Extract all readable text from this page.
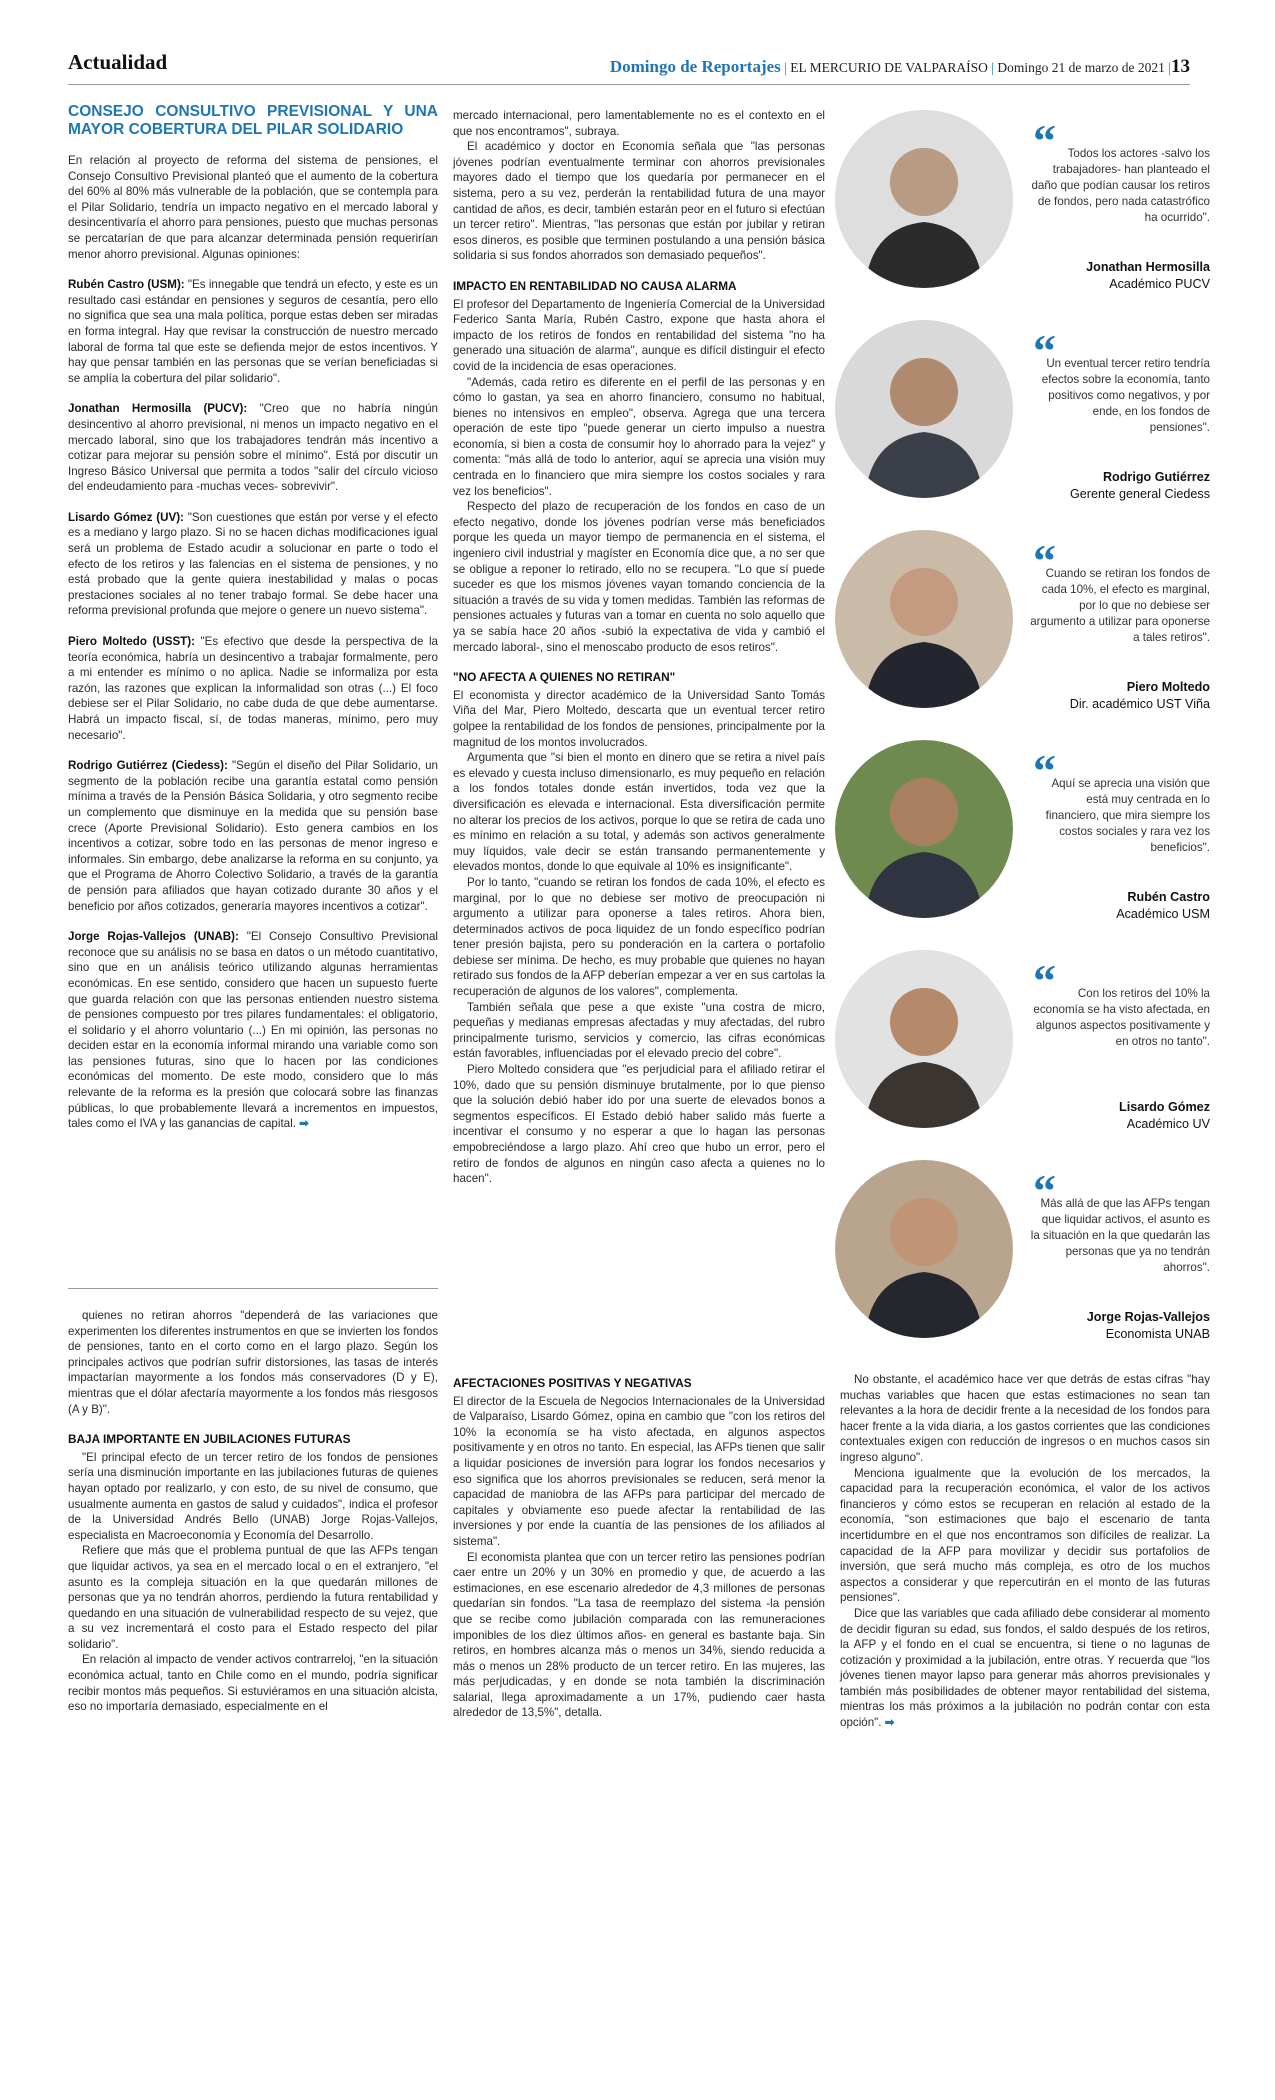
Actualidad	Domingo de Reportajes | EL MERCURIO DE VALPARAÍSO | Domingo 21 de marzo de 2021 |13
CONSEJO CONSULTIVO PREVISIONAL Y UNA MAYOR COBERTURA DEL PILAR SOLIDARIO

En relación al proyecto de reforma del sistema de pensiones, el Consejo Consultivo Previsional planteó que el aumento de la cobertura del 60% al 80% más vulnerable de la población, que se contempla para el Pilar Solidario, tendría un impacto negativo en el mercado laboral y desincentivaría el ahorro para pensiones, puesto que muchas personas se percatarían de que para alcanzar determinada pensión requerirían menor ahorro previsional. Algunas opiniones:

Rubén Castro (USM): "Es innegable que tendrá un efecto, y este es un resultado casi estándar en pensiones y seguros de cesantía, pero ello no significa que sea una mala política, porque estas deben ser miradas en forma integral. Hay que revisar la construcción de nuestro mercado laboral de forma tal que este se defienda mejor de estos incentivos. Y hay que pensar también en las personas que se verían beneficiadas si se amplía la cobertura del pilar solidario".

Jonathan Hermosilla (PUCV): "Creo que no habría ningún desincentivo al ahorro previsional, ni menos un impacto negativo en el mercado laboral, sino que los trabajadores tendrán más incentivo a cotizar para mejorar su pensión sobre el mínimo". Está por discutir un Ingreso Básico Universal que permita a todos "salir del círculo vicioso del endeudamiento para -muchas veces- sobrevivir".

Lisardo Gómez (UV): "Son cuestiones que están por verse y el efecto es a mediano y largo plazo. Si no se hacen dichas modificaciones igual será un problema de Estado acudir a solucionar en parte o todo el efecto de los retiros y las falencias en el sistema de pensiones, y no está probado que la gente quiera inestabilidad y malas o pocas prestaciones sociales al no tener trabajo formal. Se debe hacer una reforma previsional profunda que mejore o genere un nuevo sistema".

Piero Moltedo (USST): "Es efectivo que desde la perspectiva de la teoría económica, habría un desincentivo a trabajar formalmente, pero a mi entender es mínimo o no aplica. Nadie se informaliza por esta razón, las razones que explican la informalidad son otras (...) El foco debiese ser el Pilar Solidario, no cabe duda de que debe aumentarse. Habrá un impacto fiscal, sí, de todas maneras, mínimo, pero muy necesario".

Rodrigo Gutiérrez (Ciedess): "Según el diseño del Pilar Solidario, un segmento de la población recibe una garantía estatal como pensión mínima a través de la Pensión Básica Solidaria, y otro segmento recibe un complemento que disminuye en la medida que su pensión base crece (Aporte Previsional Solidario). Esto genera cambios en los incentivos a cotizar, sobre todo en las personas de menor ingreso e informales. Sin embargo, debe analizarse la reforma en su conjunto, ya que el Programa de Ahorro Colectivo Solidario, a través de la garantía de pensión para afiliados que hayan cotizado durante 30 años y el beneficio por años cotizados, generaría mayores incentivos a cotizar".

Jorge Rojas-Vallejos (UNAB): "El Consejo Consultivo Previsional reconoce que su análisis no se basa en datos o un método cuantitativo, sino que en un análisis teórico utilizando algunas herramientas económicas. En ese sentido, considero que hacen un supuesto fuerte que guarda relación con que las personas entienden nuestro sistema de pensiones compuesto por tres pilares fundamentales: el obligatorio, el solidario y el ahorro voluntario (...) En mi opinión, las personas no deciden estar en la economía informal mirando una variable como son las pensiones futuras, sino que lo hacen por las condiciones económicas del momento. De este modo, considero que lo más relevante de la reforma es la presión que colocará sobre las finanzas públicas, lo que probablemente llevará a incrementos en impuestos, tales como el IVA y las ganancias de capital. ➡

quienes no retiran ahorros "dependerá de las variaciones que experimenten los diferentes instrumentos en que se invierten los fondos de pensiones, tanto en el corto como en el largo plazo. Según los principales activos que podrían sufrir distorsiones, las tasas de interés impactarían mayormente a los fondos más conservadores (D y E), mientras que el dólar afectaría mayormente a los fondos más riesgosos (A y B)".

BAJA IMPORTANTE EN JUBILACIONES FUTURAS

"El principal efecto de un tercer retiro de los fondos de pensiones sería una disminución importante en las jubilaciones futuras de quienes hayan optado por realizarlo, y con esto, de su nivel de consumo, que usualmente aumenta en gastos de salud y cuidados", indica el profesor de la Universidad Andrés Bello (UNAB) Jorge Rojas-Vallejos, especialista en Macroeconomía y Economía del Desarrollo.

Refiere que más que el problema puntual de que las AFPs tengan que liquidar activos, ya sea en el mercado local o en el extranjero, "el asunto es la compleja situación en la que quedarán millones de personas que ya no tendrán ahorros, perdiendo la futura rentabilidad y quedando en una situación de vulnerabilidad respecto de su vejez, que a su vez incrementará el costo para el Estado respecto del pilar solidario".

En relación al impacto de vender activos contrarreloj, "en la situación económica actual, tanto en Chile como en el mundo, podría significar recibir montos más pequeños. Si estuviéramos en una situación alcista, eso no importaría demasiado, especialmente en el

mercado internacional, pero lamentablemente no es el contexto en el que nos encontramos", subraya.

El académico y doctor en Economía señala que "las personas jóvenes podrían eventualmente terminar con ahorros previsionales mayores dado el tiempo que los quedaría por permanecer en el sistema, pero a su vez, perderán la rentabilidad futura de una mayor cantidad de años, es decir, también estarán peor en el futuro si efectúan un tercer retiro". Mientras, "las personas que están por jubilar y retiran esos dineros, es posible que terminen postulando a una pensión básica solidaria si sus fondos ahorrados son demasiado pequeños".

IMPACTO EN RENTABILIDAD NO CAUSA ALARMA

El profesor del Departamento de Ingeniería Comercial de la Universidad Federico Santa María, Rubén Castro, expone que hasta ahora el impacto de los retiros de fondos en rentabilidad del sistema "no ha generado una situación de alarma", aunque es difícil distinguir el efecto covid de la incidencia de esas operaciones.

"Además, cada retiro es diferente en el perfil de las personas y en cómo lo gastan, ya sea en ahorro financiero, consumo no habitual, bienes no intensivos en empleo", observa. Agrega que una tercera operación de este tipo "puede generar un cierto impulso a nuestra economía, si bien a costa de consumir hoy lo ahorrado para la vejez" y comenta: "más allá de todo lo anterior, aquí se aprecia una visión muy centrada en lo financiero que mira siempre los costos sociales y rara vez los beneficios".

Respecto del plazo de recuperación de los fondos en caso de un efecto negativo, donde los jóvenes podrían verse más beneficiados porque les queda un mayor tiempo de permanencia en el sistema, el ingeniero civil industrial y magíster en Economía dice que, a no ser que se obligue a reponer lo retirado, ello no se recupera. "Lo que sí puede suceder es que los mismos jóvenes vayan tomando conciencia de la situación a través de su vida y tomen medidas. También las reformas de pensiones actuales y futuras van a tomar en cuenta no solo aquello que ya se sabía hace 20 años -subió la expectativa de vida y cambió el mercado laboral-, sino el menoscabo producto de esos retiros".

"NO AFECTA A QUIENES NO RETIRAN"

El economista y director académico de la Universidad Santo Tomás Viña del Mar, Piero Moltedo, descarta que un eventual tercer retiro golpee la rentabilidad de los fondos de pensiones, principalmente por la magnitud de los montos involucrados.

Argumenta que "si bien el monto en dinero que se retira a nivel país es elevado y cuesta incluso dimensionarlo, es muy pequeño en relación a los fondos totales donde están invertidos, toda vez que la diversificación es elevada e internacional. Esta diversificación permite no alterar los precios de los activos, porque lo que se retira de cada uno es mínimo en relación a su total, y además son activos generalmente muy líquidos, vale decir se están transando permanentemente y elevados montos, donde lo que equivale al 10% es insignificante".

Por lo tanto, "cuando se retiran los fondos de cada 10%, el efecto es marginal, por lo que no debiese ser motivo de preocupación ni argumento a utilizar para oponerse a tales retiros. Ahora bien, determinados activos de poca liquidez de un fondo específico podrían tener presión bajista, pero su ponderación en la cartera o portafolio debiese ser mínima. De hecho, es muy probable que quienes no hayan retirado sus fondos de la AFP deberían empezar a ver en sus cartolas la recuperación de algunos de los valores", complementa.

También señala que pese a que existe "una costra de micro, pequeñas y medianas empresas afectadas y muy afectadas, del rubro principalmente turismo, servicios y comercio, las cifras económicas están favorables, influenciadas por el elevado precio del cobre".

Piero Moltedo considera que "es perjudicial para el afiliado retirar el 10%, dado que su pensión disminuye brutalmente, por lo que pienso que la solución debió haber ido por una suerte de elevados bonos a segmentos específicos. El Estado debió haber salido más fuerte a incentivar el consumo y no esperar a que lo hagan las personas empobreciéndose a largo plazo. Ahí creo que hubo un error, pero el retiro de fondos de algunos en ningún caso afecta a quienes no lo hacen".

AFECTACIONES POSITIVAS Y NEGATIVAS

El director de la Escuela de Negocios Internacionales de la Universidad de Valparaíso, Lisardo Gómez, opina en cambio que "con los retiros del 10% la economía se ha visto afectada, en algunos aspectos positivamente y en otros no tanto. En especial, las AFPs tienen que salir a liquidar posiciones de inversión para lograr los fondos necesarios y eso significa que los ahorros previsionales se reducen, será menor la capacidad de maniobra de las AFPs para participar del mercado de capitales y obviamente eso puede afectar la rentabilidad de las inversiones y por ende la cuantía de las pensiones de los afiliados al sistema".

El economista plantea que con un tercer retiro las pensiones podrían caer entre un 20% y un 30% en promedio y que, de acuerdo a las estimaciones, en ese escenario alrededor de 4,3 millones de personas quedarían sin fondos. "La tasa de reemplazo del sistema -la pensión que se recibe como jubilación comparada con las remuneraciones imponibles de los diez últimos años- en general es bastante baja. Sin retiros, en hombres alcanza más o menos un 34%, siendo reducida a más o menos un 28% producto de un tercer retiro. En las mujeres, las más perjudicadas, y en donde se nota también la discriminación salarial, llega aproximadamente a un 17%, pudiendo caer hasta alrededor de 13,5%", detalla.

No obstante, el académico hace ver que detrás de estas cifras "hay muchas variables que hacen que estas estimaciones no sean tan relevantes a la hora de decidir frente a la necesidad de los fondos para hacer frente a la vida diaria, a los gastos corrientes que las condiciones contextuales exigen con reducción de ingresos o en muchos casos sin ingreso alguno".

Menciona igualmente que la evolución de los mercados, la capacidad para la recuperación económica, el valor de los activos financieros y cómo estos se recuperan en relación al estado de la economía, "son estimaciones que bajo el escenario de tanta incertidumbre en el que nos encontramos son difíciles de realizar. La capacidad de la AFP para movilizar y decidir sus portafolios de inversión, que será mucho más compleja, es otro de los muchos aspectos a considerar y que repercutirán en el monto de las futuras pensiones".

Dice que las variables que cada afiliado debe considerar al momento de decidir figuran su edad, sus fondos, el saldo después de los retiros, la AFP y el fondo en el cual se encuentra, si tiene o no lagunas de cotización y proximidad a la jubilación, entre otras. Y recuerda que "los jóvenes tienen mayor lapso para generar más ahorros previsionales y también más posibilidades de obtener mayor rentabilidad del sistema, mientras los más próximos a la jubilación no podrán contar con esta opción". ➡

“ Todos los actores -salvo los trabajadores- han planteado el daño que podían causar los retiros de fondos, pero nada catastrófico ha ocurrido".
Jonathan Hermosilla
Académico PUCV
“
Un eventual tercer retiro tendría efectos sobre la economía, tanto positivos como negativos, y por ende, en los fondos de pensiones".
Rodrigo Gutiérrez
Gerente general Ciedess
“
Cuando se retiran los fondos de cada 10%, el efecto es marginal, por lo que no debiese ser argumento a utilizar para oponerse a tales retiros".
Piero Moltedo
Dir. académico UST Viña
“
Aquí se aprecia una visión que está muy centrada en lo financiero, que mira siempre los costos sociales y rara vez los beneficios".
Rubén Castro
Académico USM
“	Con los retiros del 10% la economía se ha visto afectada, en algunos aspectos positivamente y en otros no tanto".
Lisardo Gómez
Académico UV
“
Más allá de que las AFPs tengan que liquidar activos, el asunto es la situación en la que quedarán las personas que ya no tendrán ahorros".
Jorge Rojas-Vallejos
Economista UNAB
